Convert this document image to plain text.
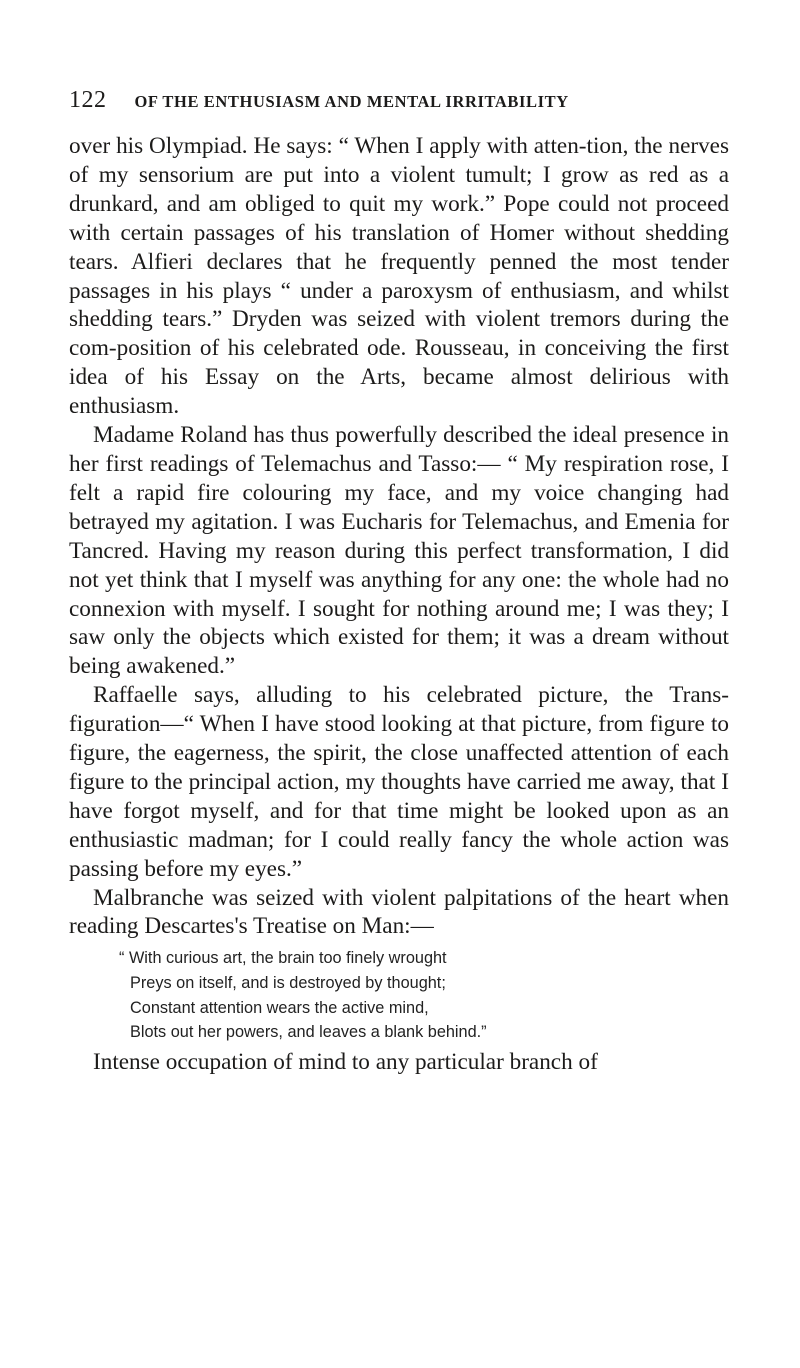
122 OF THE ENTHUSIASM AND MENTAL IRRITABILITY

over his Olympiad. He says: “ When I apply with atten-tion, the nerves of my sensorium are put into a violent tumult; I grow as red as a drunkard, and am obliged to quit my work.” Pope could not proceed with certain passages of his translation of Homer without shedding tears. Alfieri declares that he frequently penned the most tender passages in his plays “ under a paroxysm of enthusiasm, and whilst shedding tears.” Dryden was seized with violent tremors during the com-position of his celebrated ode. Rousseau, in conceiving the first idea of his Essay on the Arts, became almost delirious with enthusiasm.

Madame Roland has thus powerfully described the ideal presence in her first readings of Telemachus and Tasso:— “ My respiration rose, I felt a rapid fire colouring my face, and my voice changing had betrayed my agitation. I was Eucharis for Telemachus, and Emenia for Tancred. Having my reason during this perfect transformation, I did not yet think that I myself was anything for any one: the whole had no connexion with myself. I sought for nothing around me; I was they; I saw only the objects which existed for them; it was a dream without being awakened.”

Raffaelle says, alluding to his celebrated picture, the Trans-figuration—“ When I have stood looking at that picture, from figure to figure, the eagerness, the spirit, the close unaffected attention of each figure to the principal action, my thoughts have carried me away, that I have forgot myself, and for that time might be looked upon as an enthusiastic madman; for I could really fancy the whole action was passing before my eyes.”

Malbranche was seized with violent palpitations of the heart when reading Descartes's Treatise on Man:—

“ With curious art, the brain too finely wrought
Preys on itself, and is destroyed by thought;
Constant attention wears the active mind,
Blots out her powers, and leaves a blank behind.”

Intense occupation of mind to any particular branch of
